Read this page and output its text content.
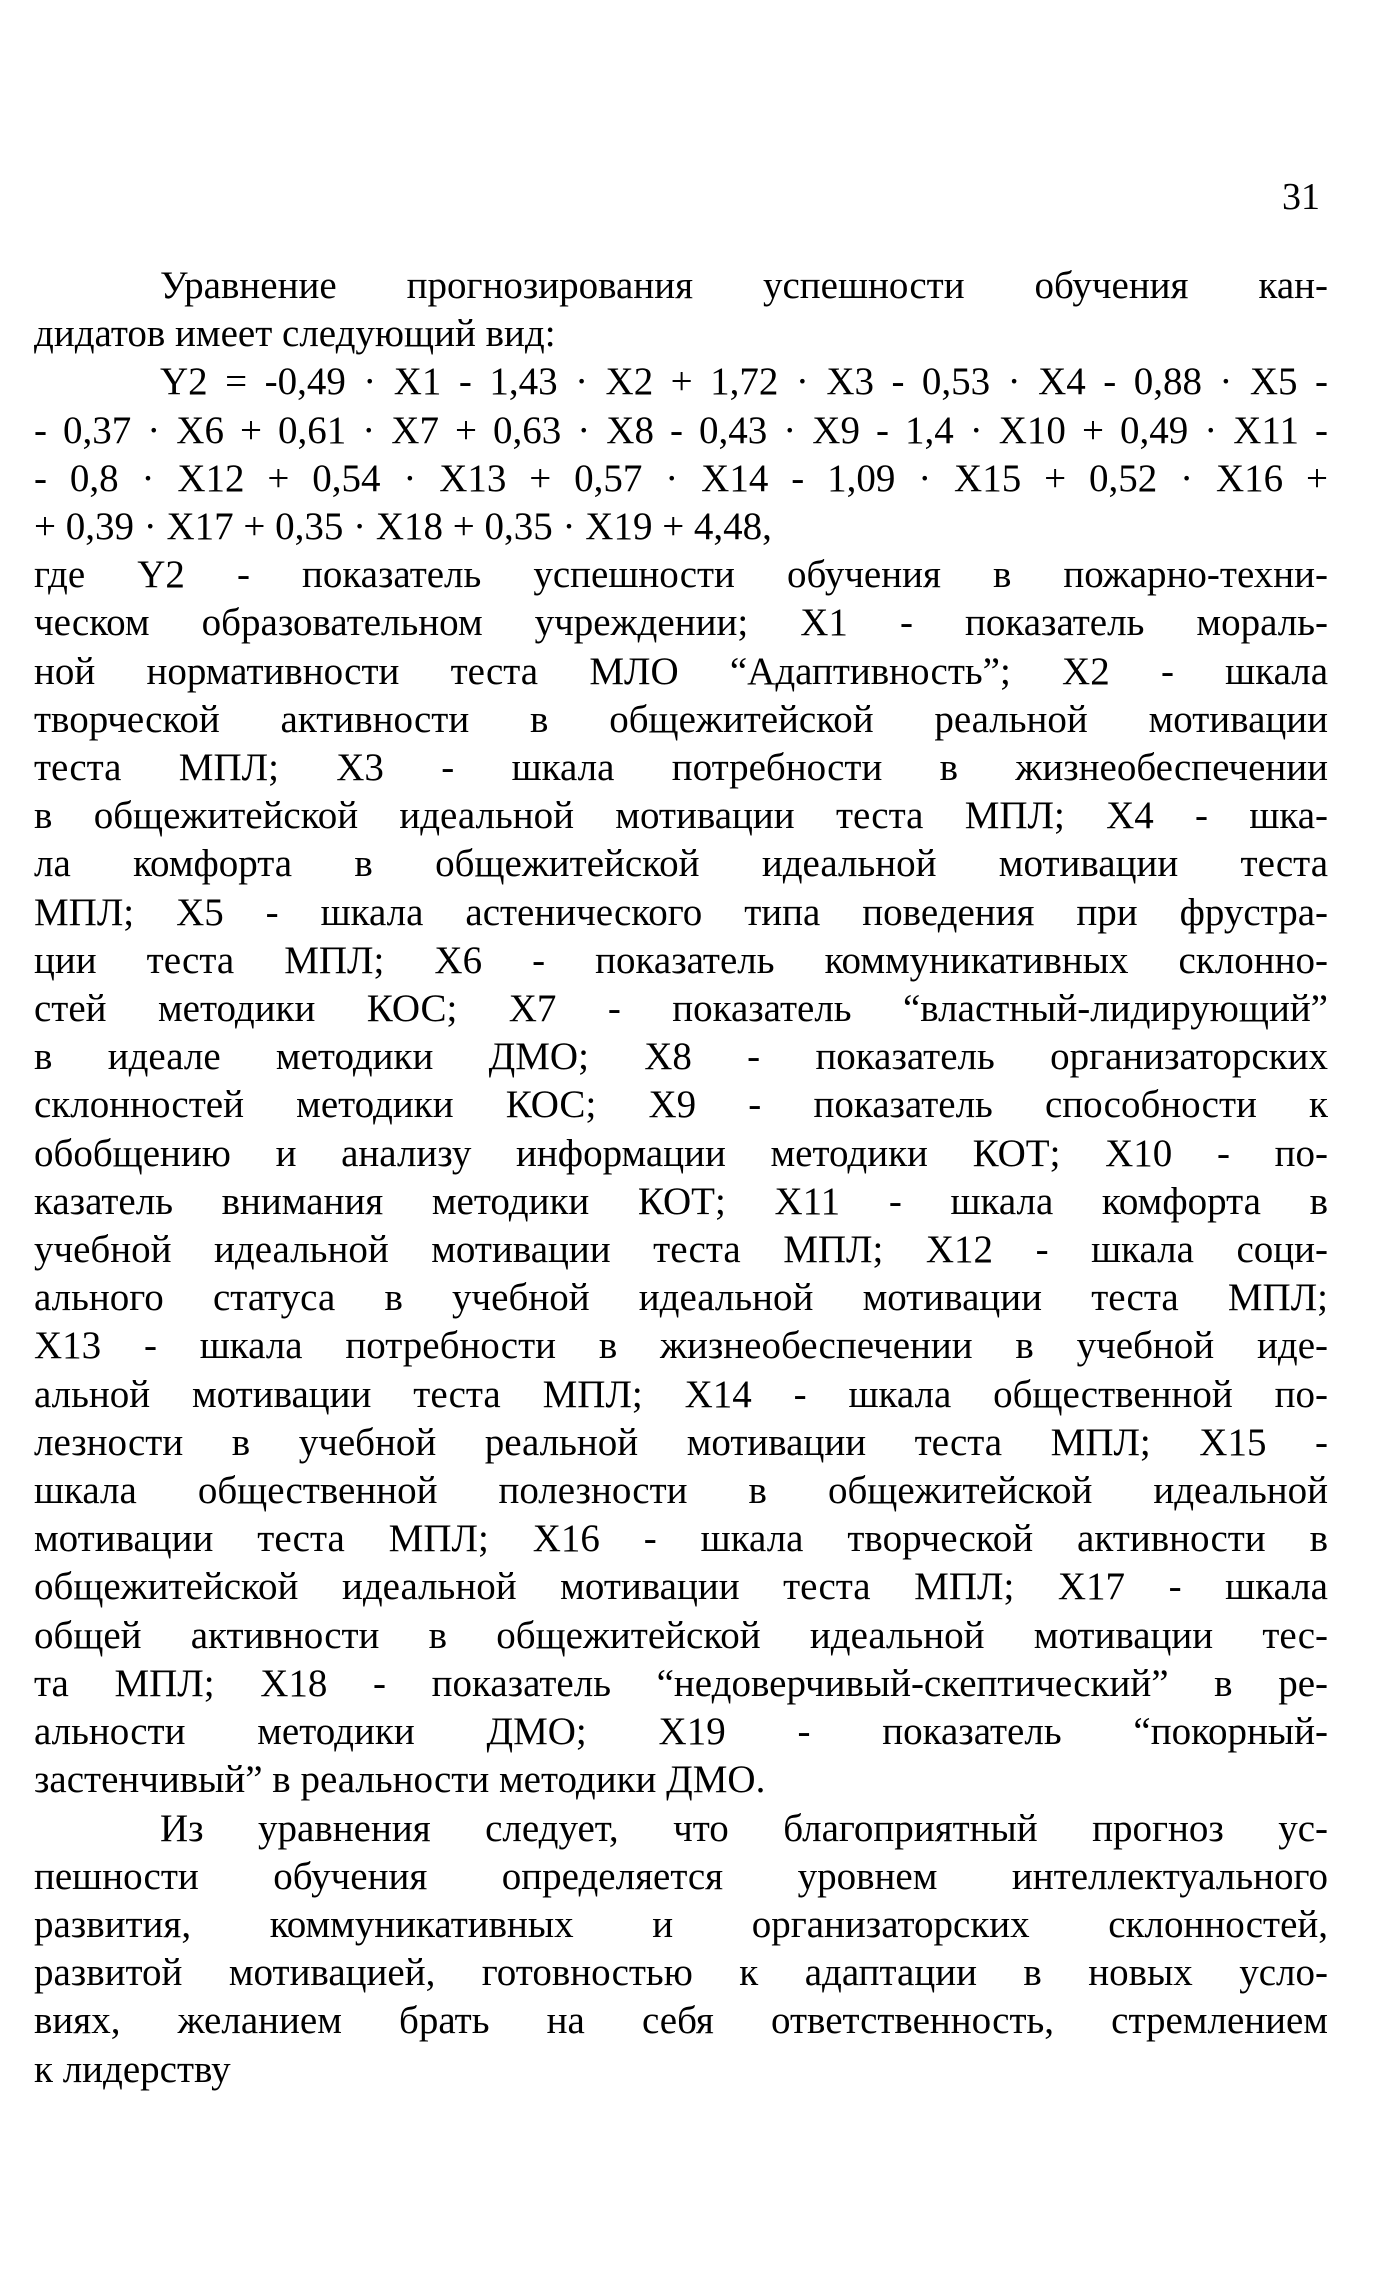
31
Уравнение прогнозирования успешности обучения кан-
дидатов имеет следующий вид:
Y2 = -0,49 · X1 - 1,43 · X2 + 1,72 · X3 - 0,53 · X4 - 0,88 · X5 -
- 0,37 · X6 + 0,61 · X7 + 0,63 · X8 - 0,43 · X9 - 1,4 · X10 + 0,49 · X11 -
- 0,8 · X12 + 0,54 · X13 + 0,57 · X14 - 1,09 · X15 + 0,52 · X16 +
+ 0,39 · X17 + 0,35 · X18 + 0,35 · X19 + 4,48,
где Y2 - показатель успешности обучения в пожарно-техни-
ческом образовательном учреждении; X1 - показатель мораль-
ной нормативности теста МЛО “Адаптивность”; X2 - шкала
творческой активности в общежитейской реальной мотивации
теста МПЛ; X3 - шкала потребности в жизнеобеспечении
в общежитейской идеальной мотивации теста МПЛ; X4 - шка-
ла комфорта в общежитейской идеальной мотивации теста
МПЛ; X5 - шкала астенического типа поведения при фрустра-
ции теста МПЛ; X6 - показатель коммуникативных склонно-
стей методики КОС; X7 - показатель “властный-лидирующий”
в идеале методики ДМО; X8 - показатель организаторских
склонностей методики КОС; X9 - показатель способности к
обобщению и анализу информации методики КОТ; X10 - по-
казатель внимания методики КОТ; X11 - шкала комфорта в
учебной идеальной мотивации теста МПЛ; X12 - шкала соци-
ального статуса в учебной идеальной мотивации теста МПЛ;
X13 - шкала потребности в жизнеобеспечении в учебной иде-
альной мотивации теста МПЛ; X14 - шкала общественной по-
лезности в учебной реальной мотивации теста МПЛ; X15 -
шкала общественной полезности в общежитейской идеальной
мотивации теста МПЛ; X16 - шкала творческой активности в
общежитейской идеальной мотивации теста МПЛ; X17 - шкала
общей активности в общежитейской идеальной мотивации тес-
та МПЛ; X18 - показатель “недоверчивый-скептический” в ре-
альности методики ДМО; X19 - показатель “покорный-
застенчивый” в реальности методики ДМО.
Из уравнения следует, что благоприятный прогноз ус-
пешности обучения определяется уровнем интеллектуального
развития, коммуникативных и организаторских склонностей,
развитой мотивацией, готовностью к адаптации в новых усло-
виях, желанием брать на себя ответственность, стремлением
к лидерству
